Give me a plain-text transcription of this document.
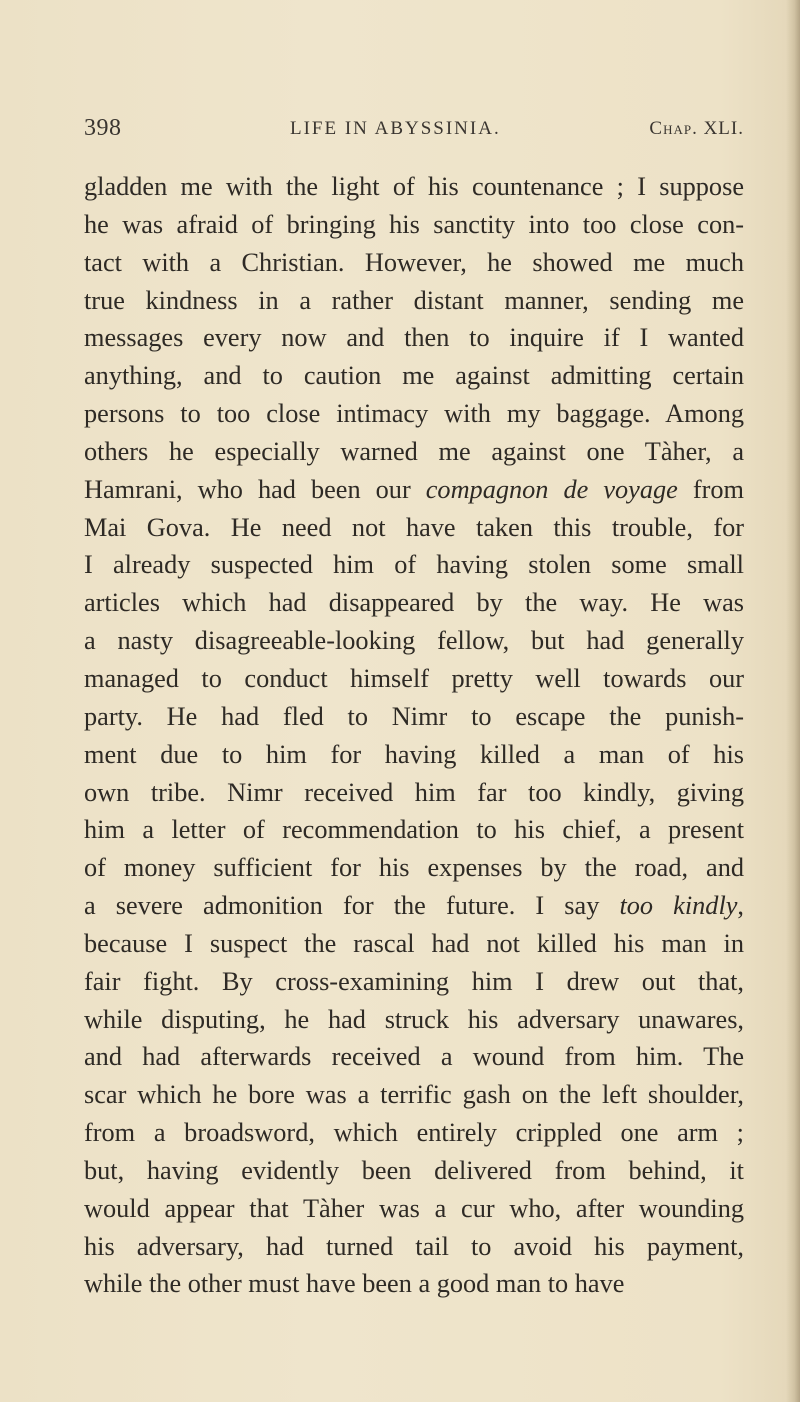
398	LIFE IN ABYSSINIA.	Chap. XLI.
gladden me with the light of his countenance ; I suppose
he was afraid of bringing his sanctity into too close con-
tact with a Christian. However, he showed me much
true kindness in a rather distant manner, sending me
messages every now and then to inquire if I wanted
anything, and to caution me against admitting certain
persons to too close intimacy with my baggage. Among
others he especially warned me against one Tàher, a
Hamrani, who had been our compagnon de voyage from
Mai Gova. He need not have taken this trouble, for
I already suspected him of having stolen some small
articles which had disappeared by the way. He was
a nasty disagreeable-looking fellow, but had generally
managed to conduct himself pretty well towards our
party. He had fled to Nimr to escape the punish-
ment due to him for having killed a man of his
own tribe. Nimr received him far too kindly, giving
him a letter of recommendation to his chief, a present
of money sufficient for his expenses by the road, and
a severe admonition for the future. I say too kindly,
because I suspect the rascal had not killed his man in
fair fight. By cross-examining him I drew out that,
while disputing, he had struck his adversary unawares,
and had afterwards received a wound from him. The
scar which he bore was a terrific gash on the left shoulder,
from a broadsword, which entirely crippled one arm ;
but, having evidently been delivered from behind, it
would appear that Tàher was a cur who, after wounding
his adversary, had turned tail to avoid his payment,
while the other must have been a good man to have
